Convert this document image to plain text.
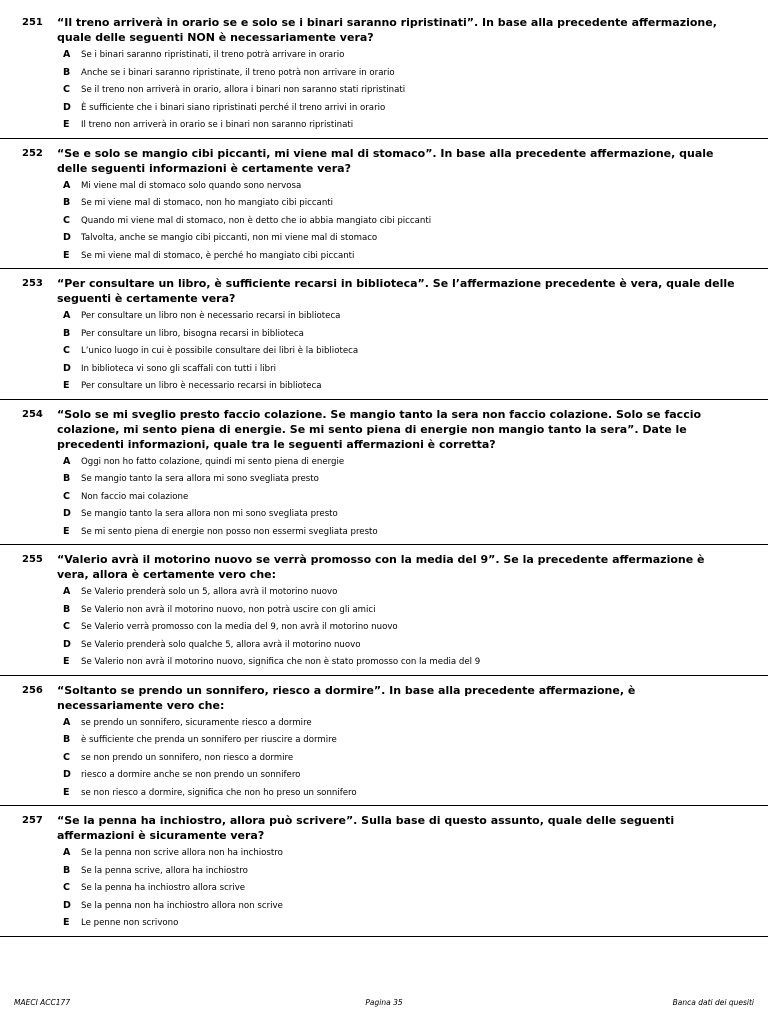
251 “Il treno arriverà in orario se e solo se i binari saranno ripristinati”. In base alla precedente affermazione, quale delle seguenti NON è necessariamente vera?
A	Se i binari saranno ripristinati, il treno potrà arrivare in orario
B	Anche se i binari saranno ripristinate, il treno potrà non arrivare in orario
C	Se il treno non arriverà in orario, allora i binari non saranno stati ripristinati
D	È sufficiente che i binari siano ripristinati perché il treno arrivi in orario
E	Il treno non arriverà in orario se i binari non saranno ripristinati
252 “Se e solo se mangio cibi piccanti, mi viene mal di stomaco”. In base alla precedente affermazione, quale delle seguenti informazioni è certamente vera?
A	Mi viene mal di stomaco solo quando sono nervosa
B	Se mi viene mal di stomaco, non ho mangiato cibi piccanti
C	Quando mi viene mal di stomaco, non è detto che io abbia mangiato cibi piccanti
D	Talvolta, anche se mangio cibi piccanti, non mi viene mal di stomaco
E	Se mi viene mal di stomaco, è perché ho mangiato cibi piccanti
253 “Per consultare un libro, è sufficiente recarsi in biblioteca”. Se l’affermazione precedente è vera, quale delle seguenti è certamente vera?
A	Per consultare un libro non è necessario recarsi in biblioteca
B	Per consultare un libro, bisogna recarsi in biblioteca
C	L’unico luogo in cui è possibile consultare dei libri è la biblioteca
D	In biblioteca vi sono gli scaffali con tutti i libri
E	Per consultare un libro è necessario recarsi in biblioteca
254 “Solo se mi sveglio presto faccio colazione. Se mangio tanto la sera non faccio colazione. Solo se faccio colazione, mi sento piena di energie. Se mi sento piena di energie non mangio tanto la sera”. Date le precedenti informazioni, quale tra le seguenti affermazioni è corretta?
A	Oggi non ho fatto colazione, quindi mi sento piena di energie
B	Se mangio tanto la sera allora mi sono svegliata presto
C	Non faccio mai colazione
D	Se mangio tanto la sera allora non mi sono svegliata presto
E	Se mi sento piena di energie non posso non essermi svegliata presto
255 “Valerio avrà il motorino nuovo se verrà promosso con la media del 9”. Se la precedente affermazione è vera, allora è certamente vero che:
A	Se Valerio prenderà solo un 5, allora avrà il motorino nuovo
B	Se Valerio non avrà il motorino nuovo, non potrà uscire con gli amici
C	Se Valerio verrà promosso con la media del 9, non avrà il motorino nuovo
D	Se Valerio prenderà solo qualche 5, allora avrà il motorino nuovo
E	Se Valerio non avrà il motorino nuovo, significa che non è stato promosso con la media del 9
256 “Soltanto se prendo un sonnifero, riesco a dormire”. In base alla precedente affermazione, è necessariamente vero che:
A	se prendo un sonnifero, sicuramente riesco a dormire
B	è sufficiente che prenda un sonnifero per riuscire a dormire
C	se non prendo un sonnifero, non riesco a dormire
D	riesco a dormire anche se non prendo un sonnifero
E	se non riesco a dormire, significa che non ho preso un sonnifero
257 “Se la penna ha inchiostro, allora può scrivere”. Sulla base di questo assunto, quale delle seguenti affermazioni è sicuramente vera?
A	Se la penna non scrive allora non ha inchiostro
B	Se la penna scrive, allora ha inchiostro
C	Se la penna ha inchiostro allora scrive
D	Se la penna non ha inchiostro allora non scrive
E	Le penne non scrivono
MAECI ACC177	Pagina 35	Banca dati dei quesiti
